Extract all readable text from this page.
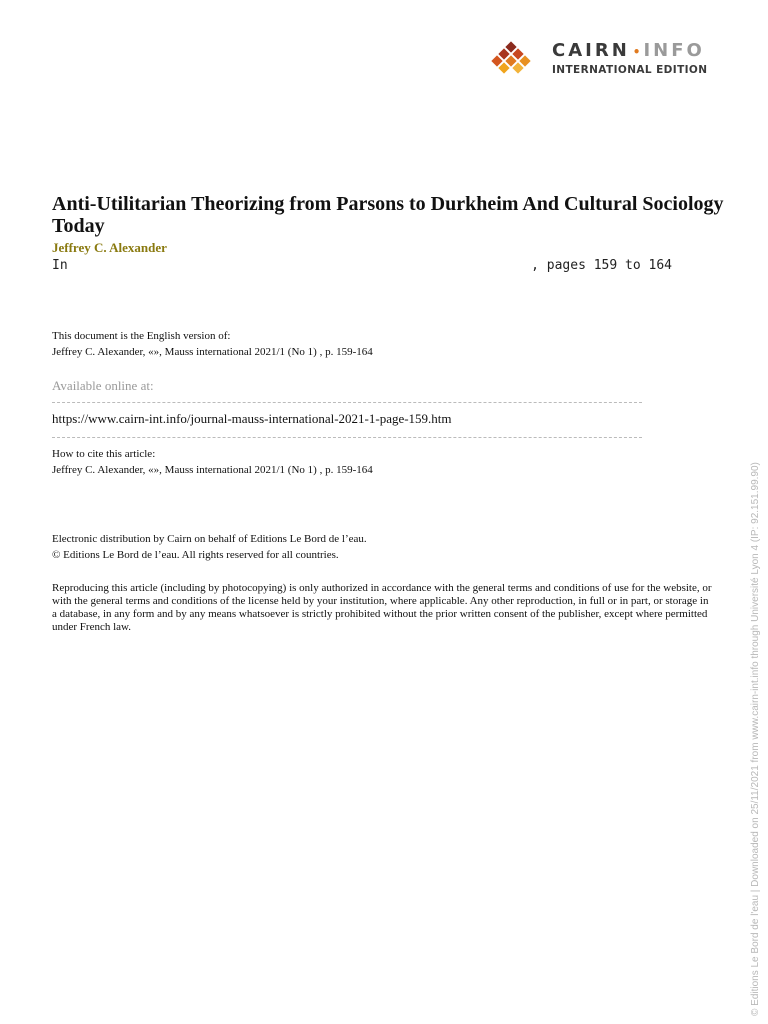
CAIRN • INFO
INTERNATIONAL EDITION
Anti-Utilitarian Theorizing from Parsons to Durkheim And Cultural Sociology Today
Jeffrey C. Alexander
In	, pages 159 to 164
This document is the English version of:
Jeffrey C. Alexander, «», Mauss international 2021/1 (No 1) , p. 159-164
Available online at:
https://www.cairn-int.info/journal-mauss-international-2021-1-page-159.htm
How to cite this article:
Jeffrey C. Alexander, «», Mauss international 2021/1 (No 1) , p. 159-164
Electronic distribution by Cairn on behalf of Editions Le Bord de l’eau.
© Editions Le Bord de l’eau. All rights reserved for all countries.
Reproducing this article (including by photocopying) is only authorized in accordance with the general terms and conditions of use for the website, or with the general terms and conditions of the license held by your institution, where applicable. Any other reproduction, in full or in part, or storage in a database, in any form and by any means whatsoever is strictly prohibited without the prior written consent of the publisher, except where permitted under French law.	© Editions Le Bord de l'eau | Downloaded on 25/11/2021 from www.cairn-int.info through Université Lyon 4 (IP: 92.151.99.90)
